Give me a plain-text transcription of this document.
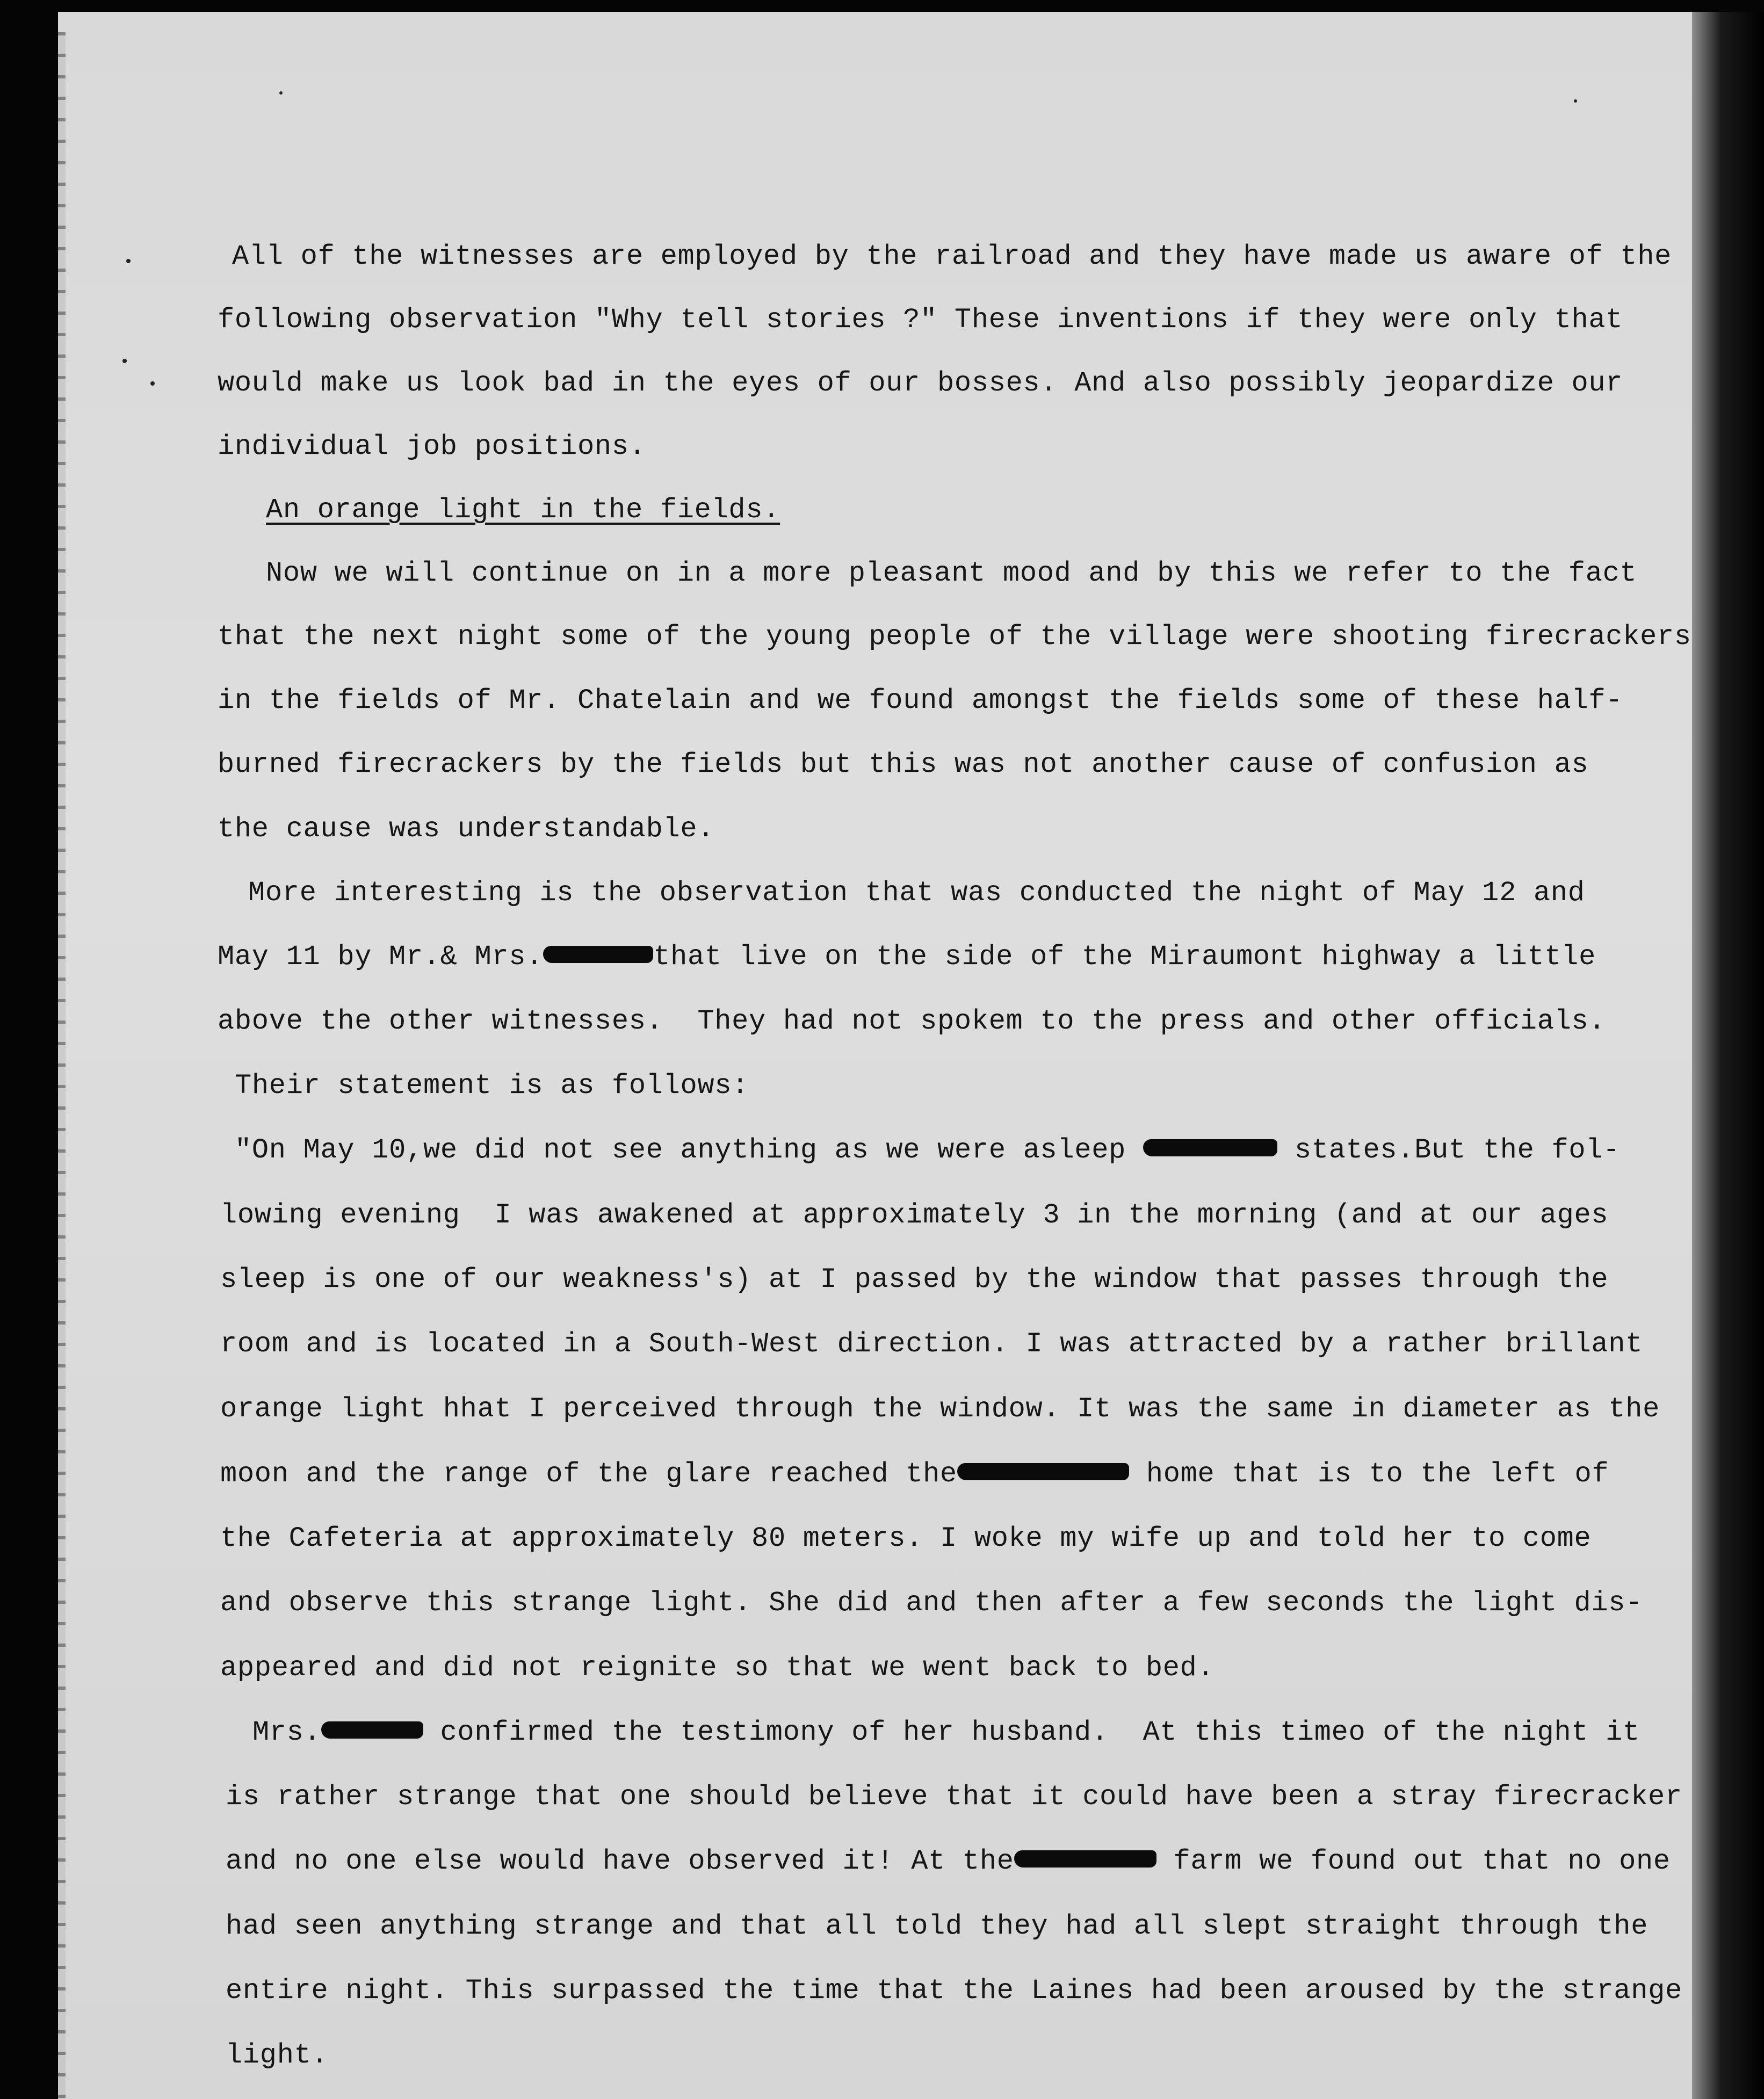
All of the witnesses are employed by the railroad and they have made us aware of the

following observation "Why tell stories ?" These inventions if they were only that

would make us look bad in the eyes of our bosses. And also possibly jeopardize our

individual job positions.

An orange light in the fields.

Now we will continue on in a more pleasant mood and by this we refer to the fact

that the next night some of the young people of the village were shooting firecrackers

in the fields of Mr. Chatelain and we found amongst the fields some of these half-

burned firecrackers by the fields but this was not another cause of confusion as

the cause was understandable.

More interesting is the observation that was conducted the night of May 12 and

May 11 by Mr.& Mrs.	that live on the side of the Miraumont highway a little

above the other witnesses.  They had not spokem to the press and other officials.

Their statement is as follows:

"On May 10,we did not see anything as we were asleep	states.But the fol-

lowing evening  I was awakened at approximately 3 in the morning (and at our ages

sleep is one of our weakness's) at I passed by the window that passes through the

room and is located in a South-West direction. I was attracted by a rather brillant

orange light hhat I perceived through the window. It was the same in diameter as the

moon and the range of the glare reached the	home that is to the left of

the Cafeteria at approximately 80 meters. I woke my wife up and told her to come

and observe this strange light. She did and then after a few seconds the light dis-

appeared and did not reignite so that we went back to bed.

Mrs.	confirmed the testimony of her husband.  At this timeo of the night it

is rather strange that one should believe that it could have been a stray firecracker

and no one else would have observed it! At the	farm we found out that no one

had seen anything strange and that all told they had all slept straight through the

entire night. This surpassed the time that the Laines had been aroused by the strange

light.
